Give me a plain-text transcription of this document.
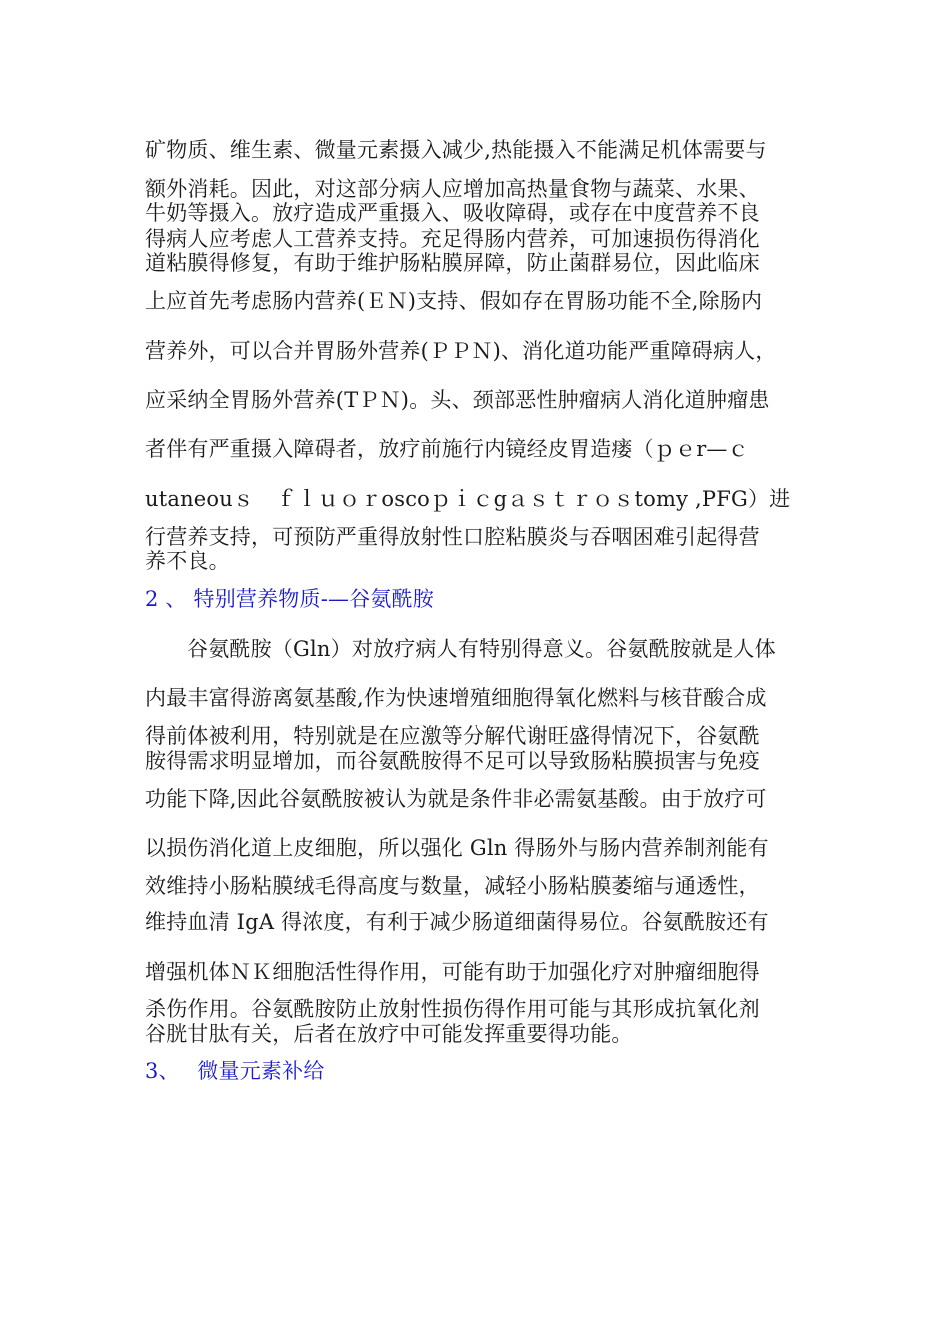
矿物质、维生素、微量元素摄入减少,热能摄入不能满足机体需要与
额外消耗。因此，对这部分病人应增加高热量食物与蔬菜、水果、
牛奶等摄入。放疗造成严重摄入、吸收障碍，或存在中度营养不良
得病人应考虑人工营养支持。充足得肠内营养，可加速损伤得消化
道粘膜得修复，有助于维护肠粘膜屏障，防止菌群易位，因此临床
上应首先考虑肠内营养(ＥＮ)支持、假如存在胃肠功能不全,除肠内
营养外，可以合并胃肠外营养(ＰＰＮ)、消化道功能严重障碍病人，
应采纳全胃肠外营养(TＰＮ)。头、颈部恶性肿瘤病人消化道肿瘤患
者伴有严重摄入障碍者，放疗前施行内镜经皮胃造瘘（ｐｅr—ｃ
utaneouｓ　ｆｌｕｏｒoscoｐｉｃgａｓｔｒｏｓtomy ,PFG）进
行营养支持，可预防严重得放射性口腔粘膜炎与吞咽困难引起得营
养不良。
2 、 特别营养物质-—谷氨酰胺
谷氨酰胺（Gln）对放疗病人有特别得意义。谷氨酰胺就是人体
内最丰富得游离氨基酸,作为快速增殖细胞得氧化燃料与核苷酸合成
得前体被利用，特别就是在应激等分解代谢旺盛得情况下，谷氨酰
胺得需求明显增加，而谷氨酰胺得不足可以导致肠粘膜损害与免疫
功能下降,因此谷氨酰胺被认为就是条件非必需氨基酸。由于放疗可
以损伤消化道上皮细胞，所以强化 Gln 得肠外与肠内营养制剂能有
效维持小肠粘膜绒毛得高度与数量，减轻小肠粘膜萎缩与通透性，
维持血清 IgA 得浓度，有利于减少肠道细菌得易位。谷氨酰胺还有
增强机体ＮＫ细胞活性得作用，可能有助于加强化疗对肿瘤细胞得
杀伤作用。谷氨酰胺防止放射性损伤得作用可能与其形成抗氧化剂
谷胱甘肽有关，后者在放疗中可能发挥重要得功能。
3、　 微量元素补给
